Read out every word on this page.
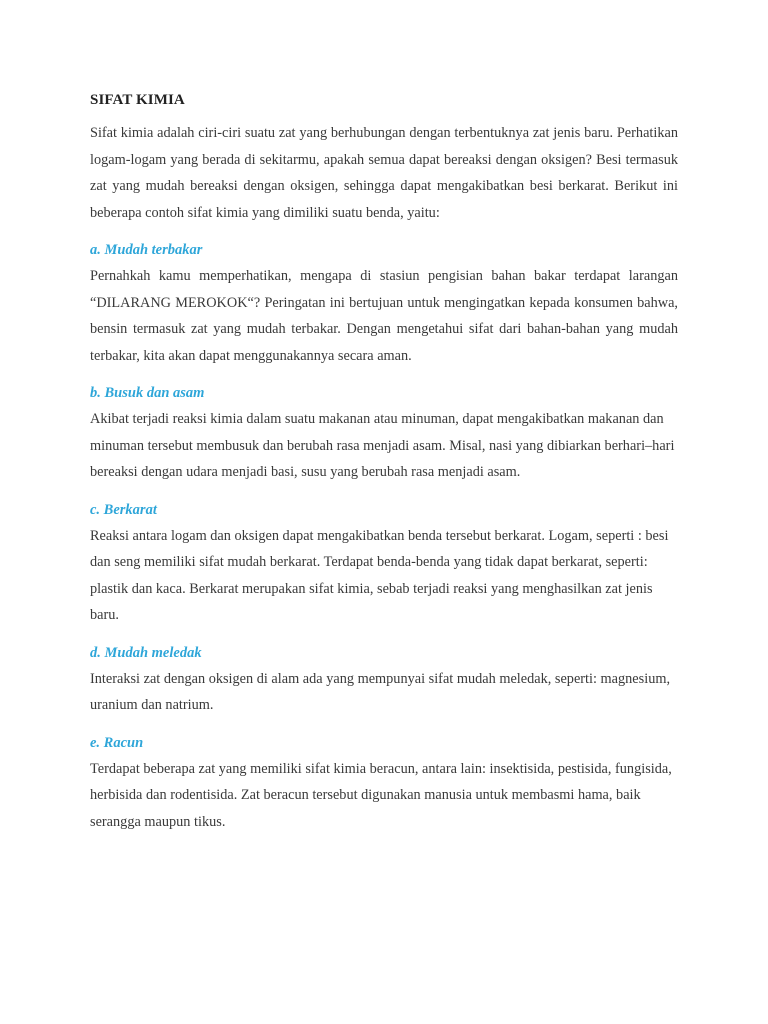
SIFAT KIMIA

Sifat kimia adalah ciri-ciri suatu zat yang berhubungan dengan terbentuknya zat jenis baru. Perhatikan logam-logam yang berada di sekitarmu, apakah semua dapat bereaksi dengan oksigen? Besi termasuk zat yang mudah bereaksi dengan oksigen, sehingga dapat mengakibatkan besi berkarat. Berikut ini beberapa contoh sifat kimia yang dimiliki suatu benda, yaitu:

a. Mudah terbakar

Pernahkah kamu memperhatikan, mengapa di stasiun pengisian bahan bakar terdapat larangan “DILARANG MEROKOK“? Peringatan ini bertujuan untuk mengingatkan kepada konsumen bahwa, bensin termasuk zat yang mudah terbakar. Dengan mengetahui sifat dari bahan-bahan yang mudah terbakar, kita akan dapat menggunakannya secara aman.

b. Busuk dan asam

Akibat terjadi reaksi kimia dalam suatu makanan atau minuman, dapat mengakibatkan makanan dan minuman tersebut membusuk dan berubah rasa menjadi asam. Misal, nasi yang dibiarkan berhari–hari bereaksi dengan udara menjadi basi, susu yang berubah rasa menjadi asam.

c. Berkarat

Reaksi antara logam dan oksigen dapat mengakibatkan benda tersebut berkarat. Logam, seperti : besi dan seng memiliki sifat mudah berkarat. Terdapat benda-benda yang tidak dapat berkarat, seperti: plastik dan kaca. Berkarat merupakan sifat kimia, sebab terjadi reaksi yang menghasilkan zat jenis baru.

d. Mudah meledak

Interaksi zat dengan oksigen di alam ada yang mempunyai sifat mudah meledak, seperti: magnesium, uranium dan natrium.

e. Racun

Terdapat beberapa zat yang memiliki sifat kimia beracun, antara lain: insektisida, pestisida, fungisida, herbisida dan rodentisida. Zat beracun tersebut digunakan manusia untuk membasmi hama, baik serangga maupun tikus.
